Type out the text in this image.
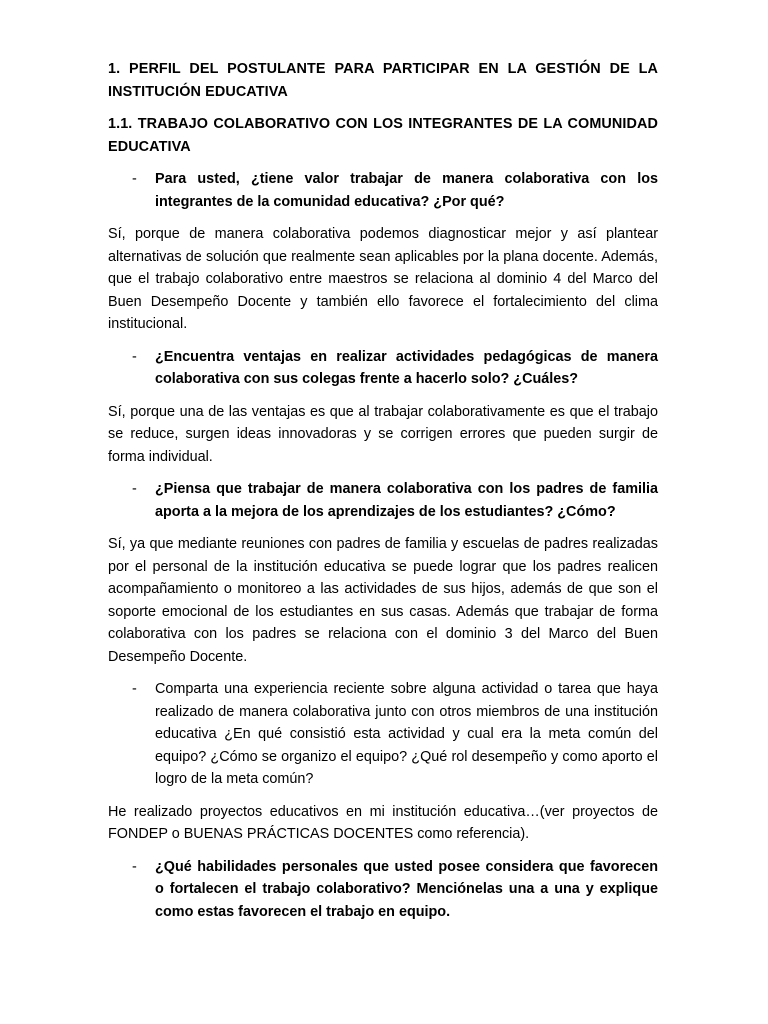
1. PERFIL DEL POSTULANTE PARA PARTICIPAR EN LA GESTIÓN DE LA INSTITUCIÓN EDUCATIVA
1.1. TRABAJO COLABORATIVO CON LOS INTEGRANTES DE LA COMUNIDAD EDUCATIVA
- Para usted, ¿tiene valor trabajar de manera colaborativa con los integrantes de la comunidad educativa? ¿Por qué?
Sí, porque de manera colaborativa podemos diagnosticar mejor y así plantear alternativas de solución que realmente sean aplicables por la plana docente. Además, que el trabajo colaborativo entre maestros se relaciona al dominio 4 del Marco del Buen Desempeño Docente y también ello favorece el fortalecimiento del clima institucional.
- ¿Encuentra ventajas en realizar actividades pedagógicas de manera colaborativa con sus colegas frente a hacerlo solo? ¿Cuáles?
Sí, porque una de las ventajas es que al trabajar colaborativamente es que el trabajo se reduce, surgen ideas innovadoras y se corrigen errores que pueden surgir de forma individual.
- ¿Piensa que trabajar de manera colaborativa con los padres de familia aporta a la mejora de los aprendizajes de los estudiantes? ¿Cómo?
Sí, ya que mediante reuniones con padres de familia y escuelas de padres realizadas por el personal de la institución educativa se puede lograr que los padres realicen acompañamiento o monitoreo a las actividades de sus hijos, además de que son el soporte emocional de los estudiantes en sus casas. Además que trabajar de forma colaborativa con los padres se relaciona con el dominio 3 del Marco del Buen Desempeño Docente.
- Comparta una experiencia reciente sobre alguna actividad o tarea que haya realizado de manera colaborativa junto con otros miembros de una institución educativa ¿En qué consistió esta actividad y cual era la meta común del equipo? ¿Cómo se organizo el equipo? ¿Qué rol desempeño y como aporto el logro de la meta común?
He realizado proyectos educativos en mi institución educativa…(ver proyectos de FONDEP o BUENAS PRÁCTICAS DOCENTES como referencia).
- ¿Qué habilidades personales que usted posee considera que favorecen o fortalecen el trabajo colaborativo? Menciónelas una a una y explique como estas favorecen el trabajo en equipo.
